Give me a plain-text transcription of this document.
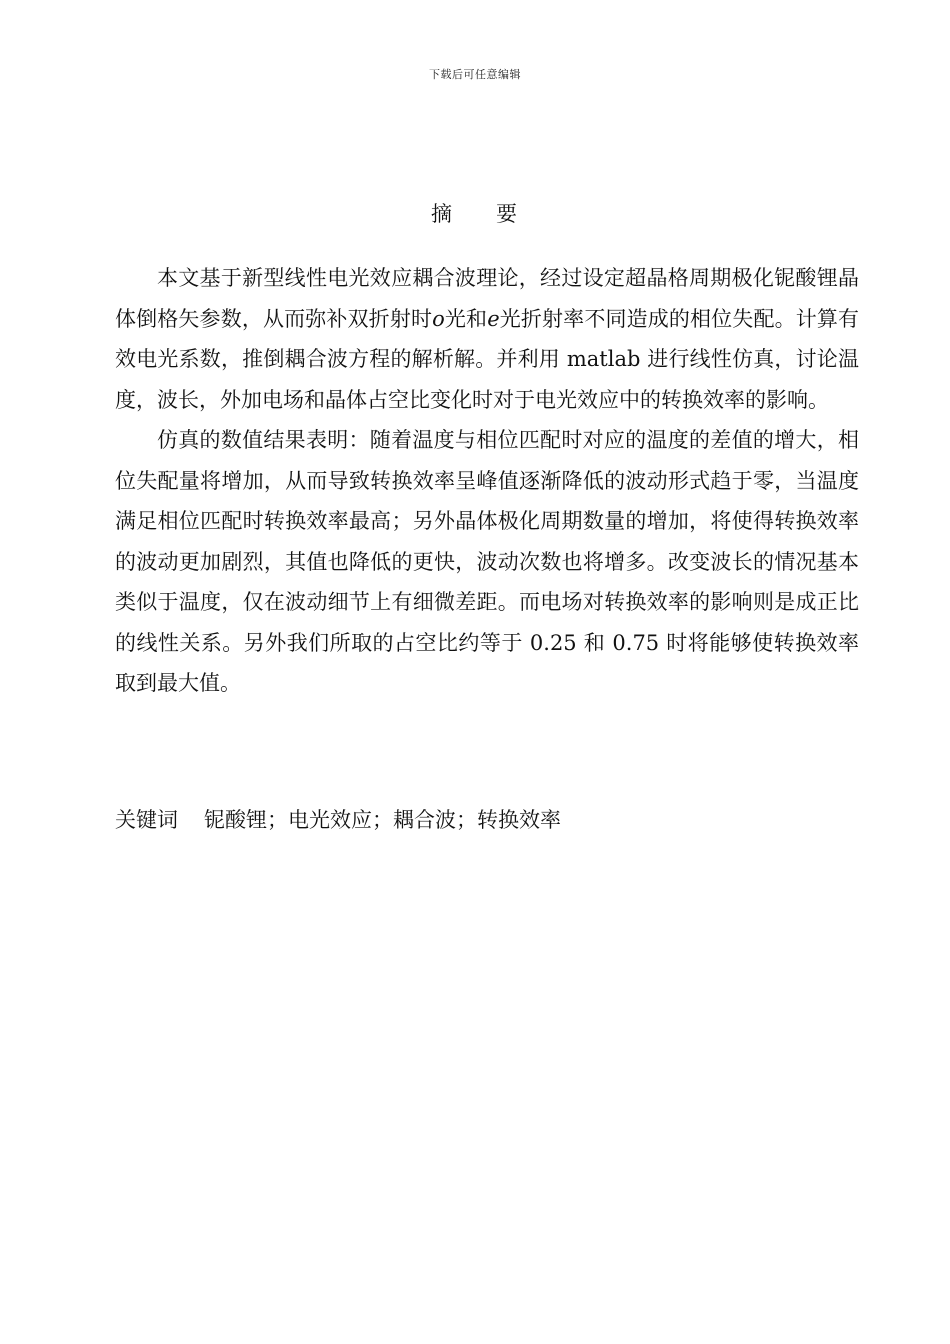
下载后可任意编辑
摘 要

本文基于新型线性电光效应耦合波理论，经过设定超晶格周期极化铌酸锂晶体倒格矢参数，从而弥补双折射时o光和e光折射率不同造成的相位失配。计算有效电光系数，推倒耦合波方程的解析解。并利用 matlab 进行线性仿真，讨论温度，波长，外加电场和晶体占空比变化时对于电光效应中的转换效率的影响。

仿真的数值结果表明：随着温度与相位匹配时对应的温度的差值的增大，相位失配量将增加，从而导致转换效率呈峰值逐渐降低的波动形式趋于零，当温度满足相位匹配时转换效率最高；另外晶体极化周期数量的增加，将使得转换效率的波动更加剧烈，其值也降低的更快，波动次数也将增多。改变波长的情况基本类似于温度，仅在波动细节上有细微差距。而电场对转换效率的影响则是成正比的线性关系。另外我们所取的占空比约等于 0.25 和 0.75 时将能够使转换效率取到最大值。

关键词 铌酸锂；电光效应；耦合波；转换效率
